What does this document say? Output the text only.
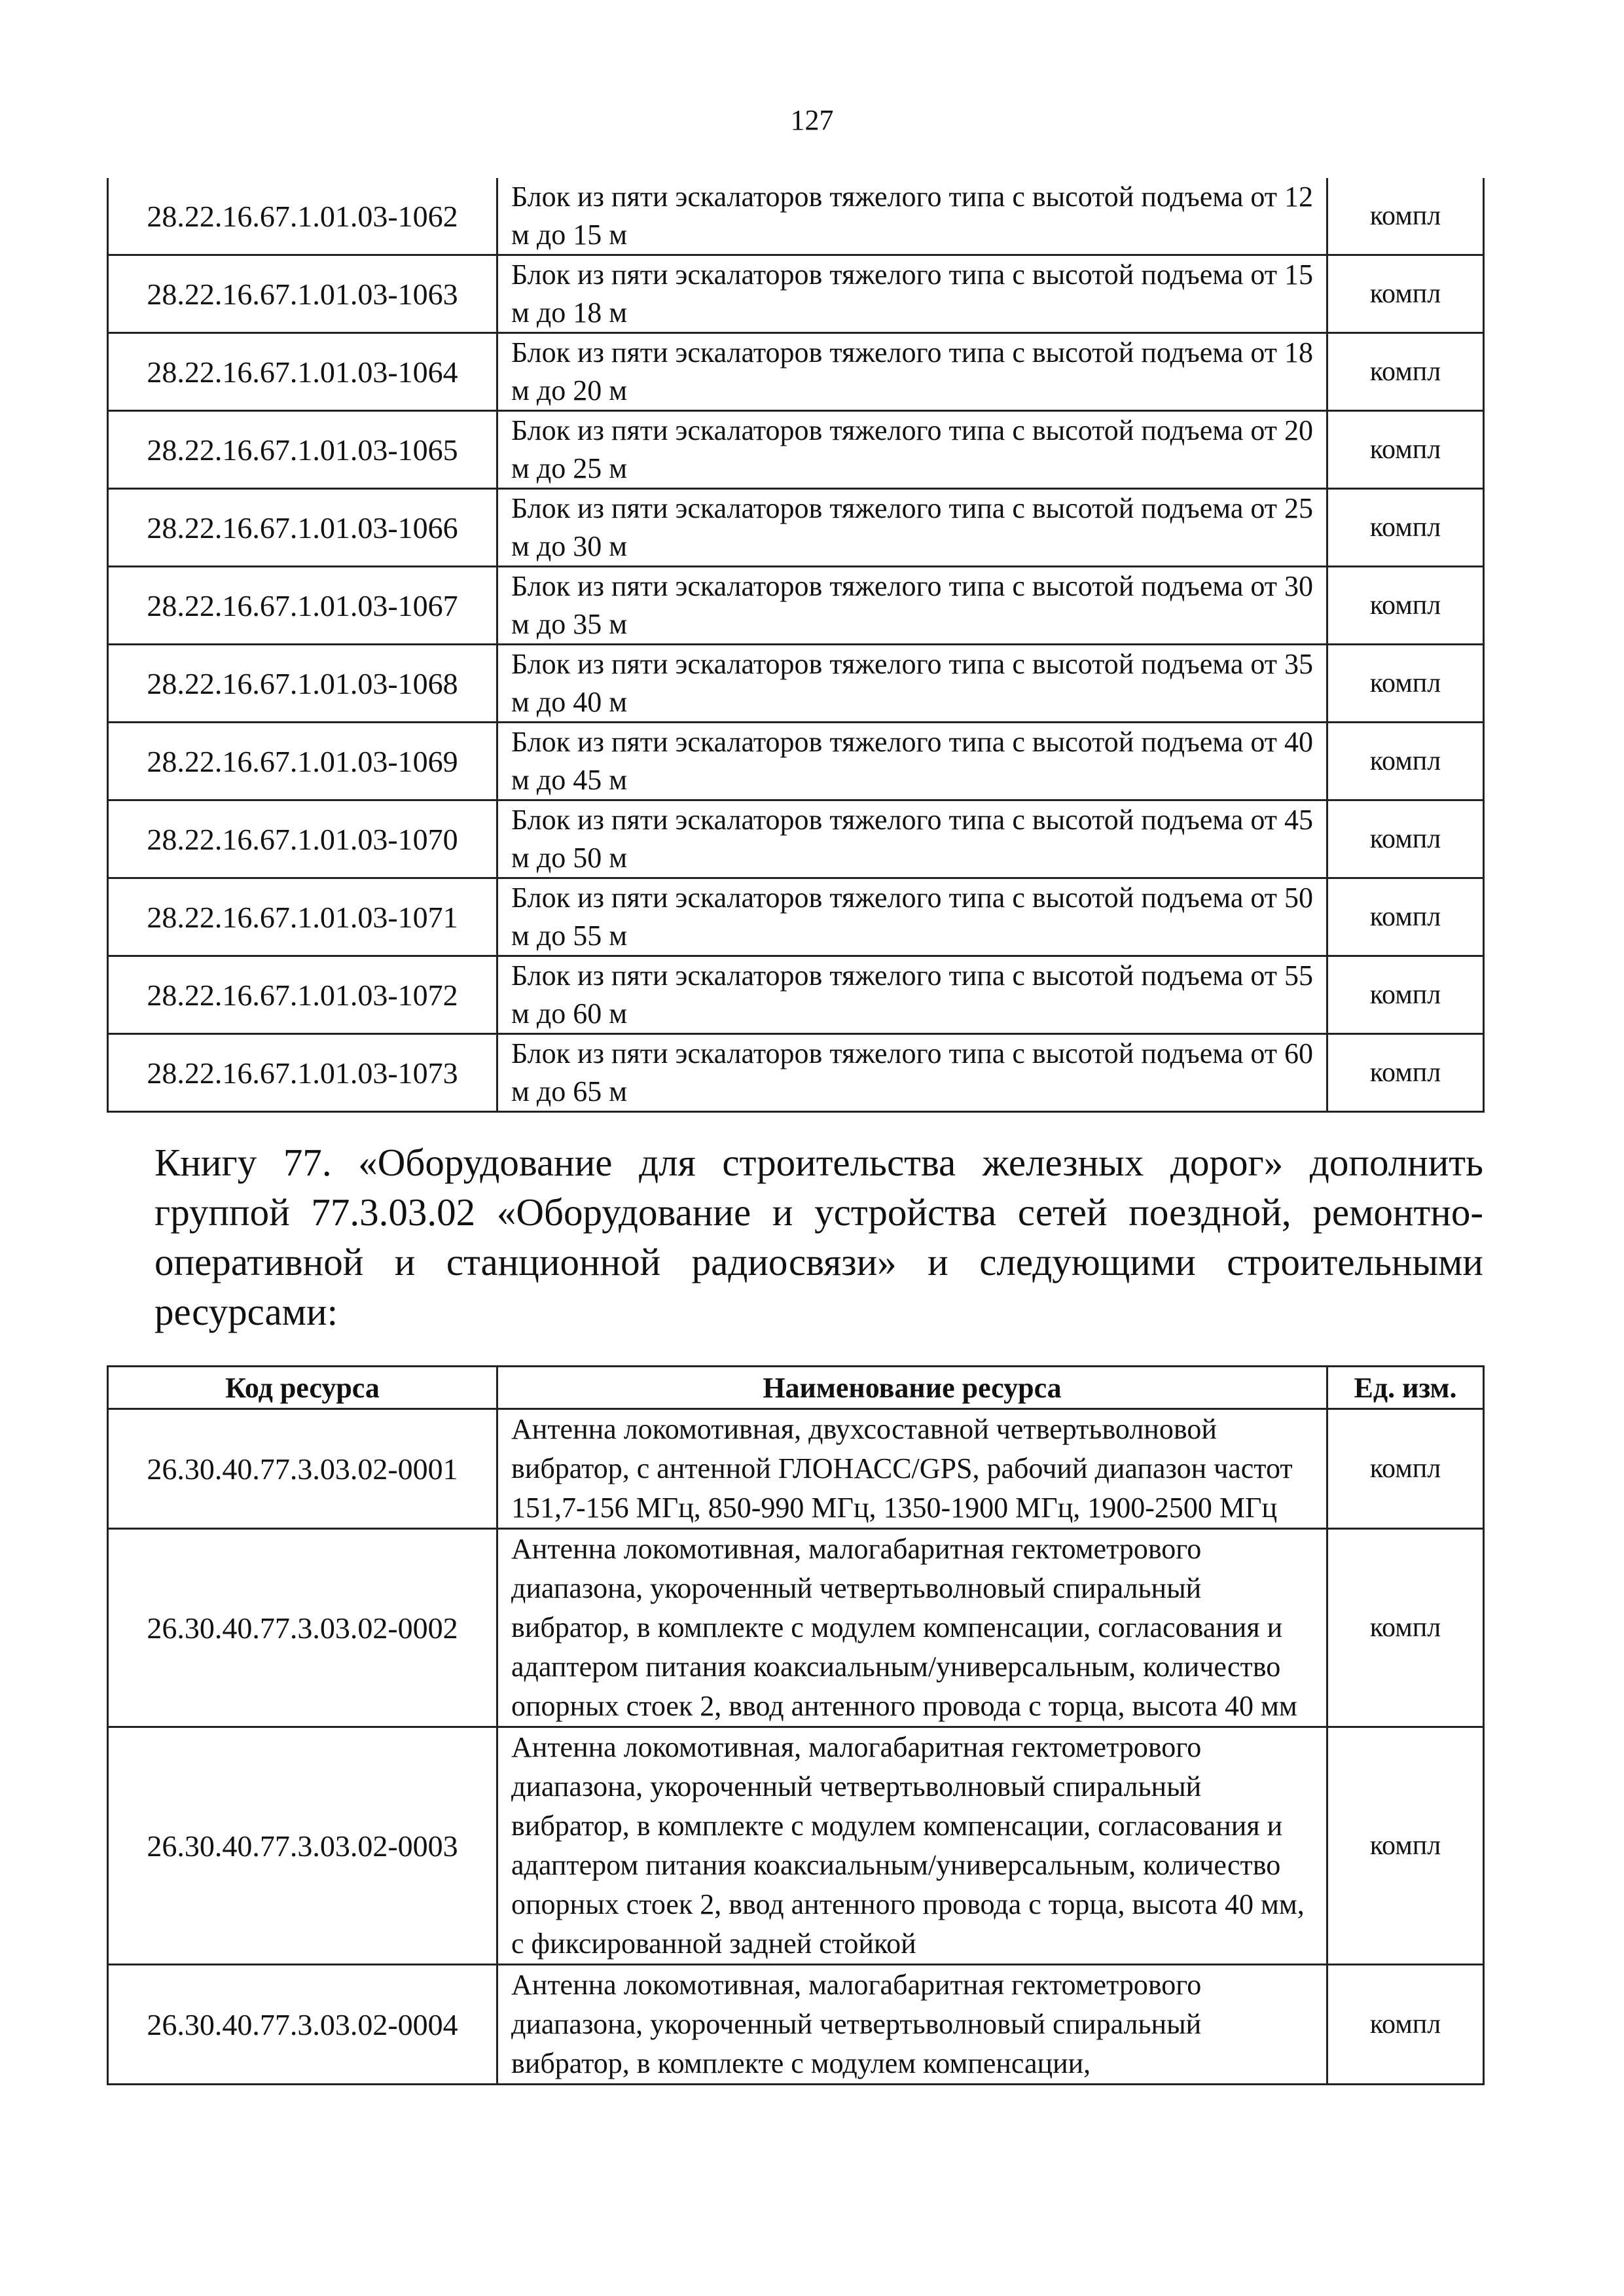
127
28.22.16.67.1.01.03-1062	Блок из пяти эскалаторов тяжелого типа с высотой подъема от 12 м до 15 м	компл
28.22.16.67.1.01.03-1063	Блок из пяти эскалаторов тяжелого типа с высотой подъема от 15 м до 18 м	компл
28.22.16.67.1.01.03-1064	Блок из пяти эскалаторов тяжелого типа с высотой подъема от 18 м до 20 м	компл
28.22.16.67.1.01.03-1065	Блок из пяти эскалаторов тяжелого типа с высотой подъема от 20 м до 25 м	компл
28.22.16.67.1.01.03-1066	Блок из пяти эскалаторов тяжелого типа с высотой подъема от 25 м до 30 м	компл
28.22.16.67.1.01.03-1067	Блок из пяти эскалаторов тяжелого типа с высотой подъема от 30 м до 35 м	компл
28.22.16.67.1.01.03-1068	Блок из пяти эскалаторов тяжелого типа с высотой подъема от 35 м до 40 м	компл
28.22.16.67.1.01.03-1069	Блок из пяти эскалаторов тяжелого типа с высотой подъема от 40 м до 45 м	компл
28.22.16.67.1.01.03-1070	Блок из пяти эскалаторов тяжелого типа с высотой подъема от 45 м до 50 м	компл
28.22.16.67.1.01.03-1071	Блок из пяти эскалаторов тяжелого типа с высотой подъема от 50 м до 55 м	компл
28.22.16.67.1.01.03-1072	Блок из пяти эскалаторов тяжелого типа с высотой подъема от 55 м до 60 м	компл
28.22.16.67.1.01.03-1073	Блок из пяти эскалаторов тяжелого типа с высотой подъема от 60 м до 65 м	компл
Книгу 77. «Оборудование для строительства железных дорог» дополнить группой 77.3.03.02 «Оборудование и устройства сетей поездной, ремонтно-оперативной и станционной радиосвязи» и следующими строительными ресурсами:
Код ресурса	Наименование ресурса	Ед. изм.
26.30.40.77.3.03.02-0001	Антенна локомотивная, двухсоставной четвертьволновой вибратор, с антенной ГЛОНАСС/GPS, рабочий диапазон частот 151,7-156 МГц, 850-990 МГц, 1350-1900 МГц, 1900-2500 МГц	компл
26.30.40.77.3.03.02-0002	Антенна локомотивная, малогабаритная гектометрового диапазона, укороченный четвертьволновый спиральный вибратор, в комплекте с модулем компенсации, согласования и адаптером питания коаксиальным/универсальным, количество опорных стоек 2, ввод антенного провода с торца, высота 40 мм	компл
26.30.40.77.3.03.02-0003	Антенна локомотивная, малогабаритная гектометрового диапазона, укороченный четвертьволновый спиральный вибратор, в комплекте с модулем компенсации, согласования и адаптером питания коаксиальным/универсальным, количество опорных стоек 2, ввод антенного провода с торца, высота 40 мм, с фиксированной задней стойкой	компл
26.30.40.77.3.03.02-0004	Антенна локомотивная, малогабаритная гектометрового диапазона, укороченный четвертьволновый спиральный вибратор, в комплекте с модулем компенсации,	компл
